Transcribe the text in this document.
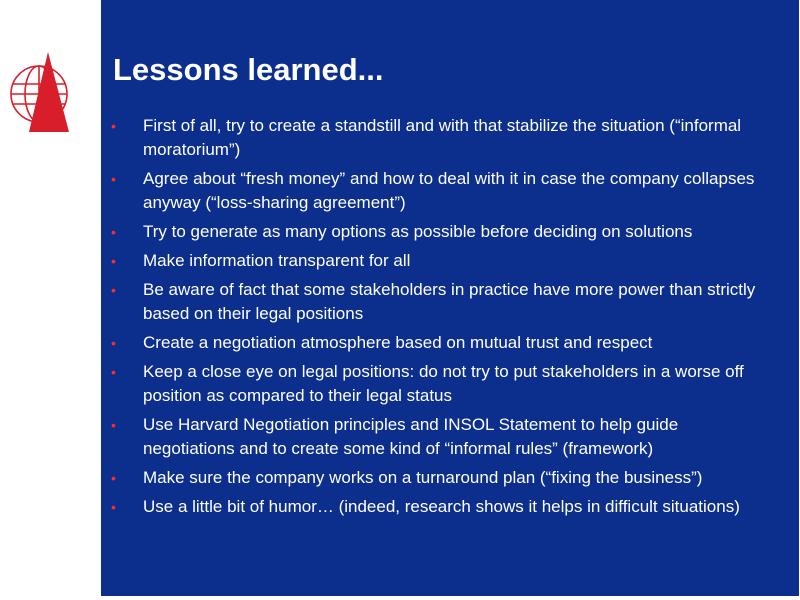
Lessons learned...
• First of all, try to create a standstill and with that stabilize the situation (“informal moratorium”)
• Agree about “fresh money” and how to deal with it in case the company collapses anyway (“loss-sharing agreement”)
• Try to generate as many options as possible before deciding on solutions
• Make information transparent for all
• Be aware of fact that some stakeholders in practice have more power than strictly based on their legal positions
• Create a negotiation atmosphere based on mutual trust and respect
• Keep a close eye on legal positions: do not try to put stakeholders in a worse off position as compared to their legal status
• Use Harvard Negotiation principles and INSOL Statement to help guide negotiations and to create some kind of “informal rules” (framework)
• Make sure the company works on a turnaround plan (“fixing the business”)
• Use a little bit of humor… (indeed, research shows it helps in difficult situations)
